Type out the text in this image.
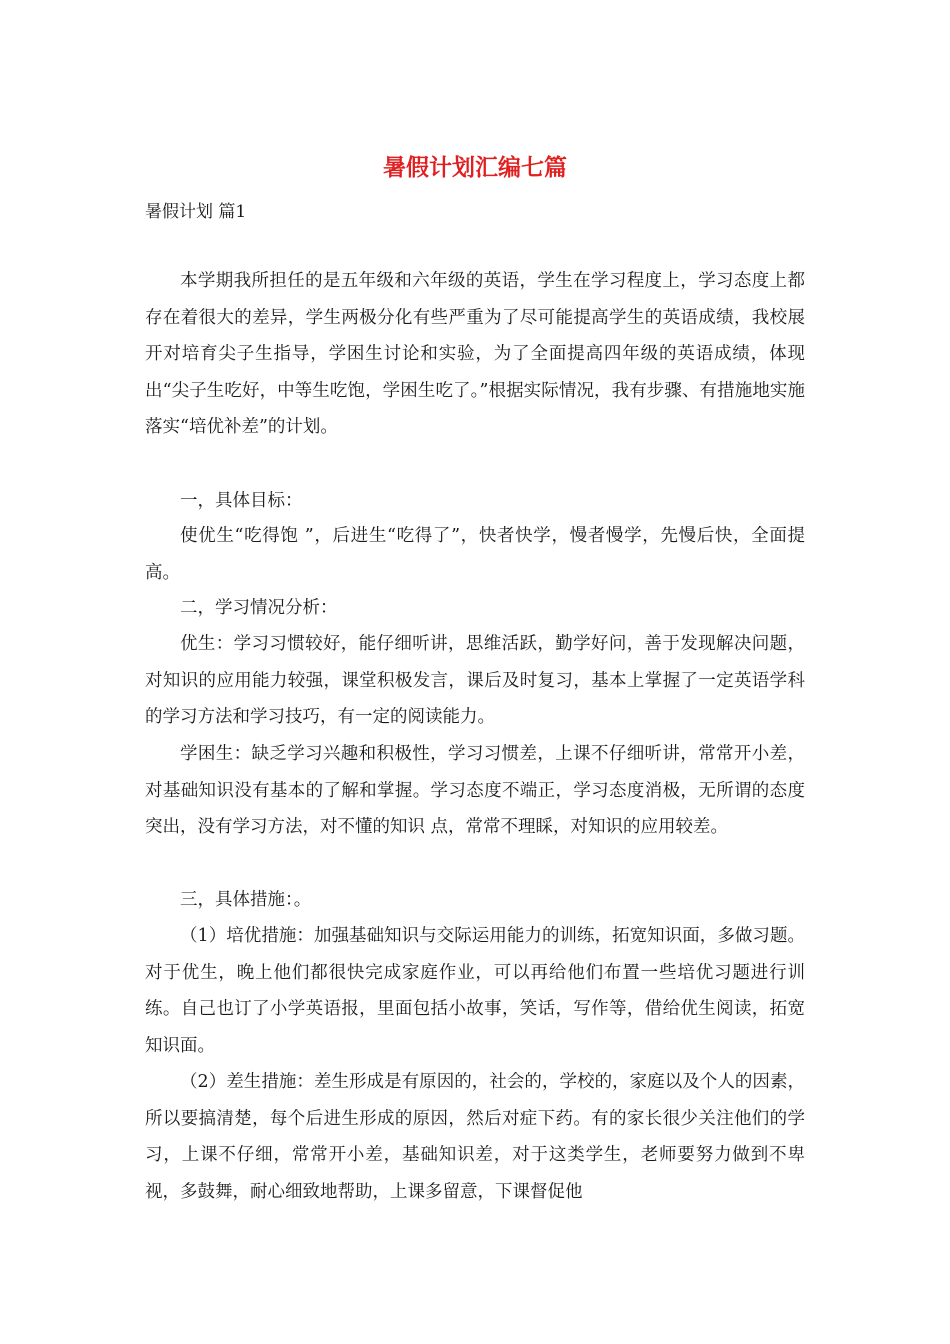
暑假计划汇编七篇

暑假计划 篇1

本学期我所担任的是五年级和六年级的英语，学生在学习程度上，学习态度上都存在着很大的差异，学生两极分化有些严重为了尽可能提高学生的英语成绩，我校展开对培育尖子生指导，学困生讨论和实验，为了全面提高四年级的英语成绩，体现出“尖子生吃好，中等生吃饱，学困生吃了。”根据实际情况，我有步骤、有措施地实施落实“培优补差”的计划。

一，具体目标：

使优生“吃得饱 ”，后进生“吃得了”，快者快学，慢者慢学，先慢后快，全面提高。

二，学习情况分析：

优生：学习习惯较好，能仔细听讲，思维活跃，勤学好问，善于发现解决问题，对知识的应用能力较强，课堂积极发言，课后及时复习，基本上掌握了一定英语学科的学习方法和学习技巧，有一定的阅读能力。

学困生：缺乏学习兴趣和积极性，学习习惯差，上课不仔细听讲，常常开小差，对基础知识没有基本的了解和掌握。学习态度不端正，学习态度消极，无所谓的态度突出，没有学习方法，对不懂的知识 点，常常不理睬，对知识的应用较差。

三，具体措施：。

（1）培优措施：加强基础知识与交际运用能力的训练，拓宽知识面，多做习题。对于优生，晚上他们都很快完成家庭作业，可以再给他们布置一些培优习题进行训练。自己也订了小学英语报，里面包括小故事，笑话，写作等，借给优生阅读，拓宽知识面。

（2）差生措施：差生形成是有原因的，社会的，学校的，家庭以及个人的因素，所以要搞清楚，每个后进生形成的原因，然后对症下药。有的家长很少关注他们的学习，上课不仔细，常常开小差，基础知识差，对于这类学生，老师要努力做到不卑视，多鼓舞，耐心细致地帮助，上课多留意，下课督促他
